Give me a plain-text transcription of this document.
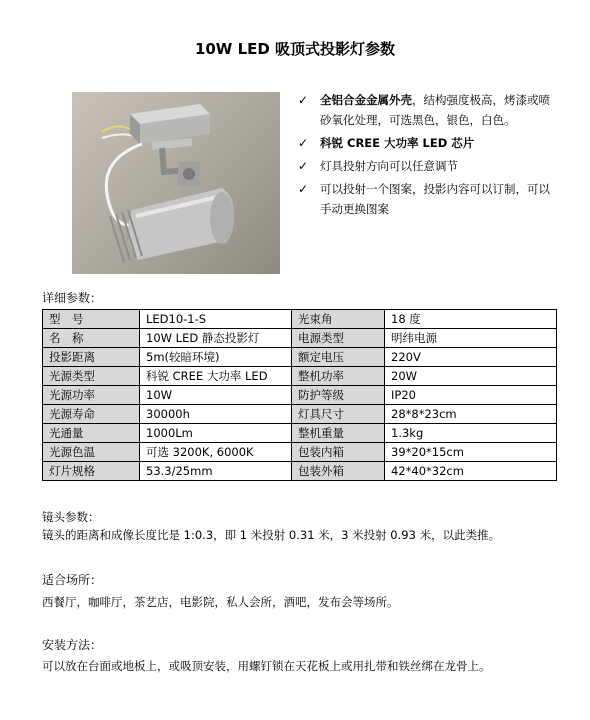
10W LED 吸顶式投影灯参数
✓ 全铝合金金属外壳，结构强度极高，烤漆或喷砂氧化处理，可选黑色，银色，白色。
✓ 科锐 CREE 大功率 LED 芯片
✓ 灯具投射方向可以任意调节
✓ 可以投射一个图案，投影内容可以订制，可以手动更换图案
详细参数：
型　号	LED10-1-S	光束角	18 度
名　称	10W LED 静态投影灯	电源类型	明纬电源
投影距离	5m(较暗环境)	额定电压	220V
光源类型	科锐 CREE 大功率 LED	整机功率	20W
光源功率	10W	防护等级	IP20
光源寿命	30000h	灯具尺寸	28*8*23cm
光通量	1000Lm	整机重量	1.3kg
光源色温	可选 3200K, 6000K	包装内箱	39*20*15cm
灯片规格	53.3/25mm	包装外箱	42*40*32cm
镜头参数：
镜头的距离和成像长度比是 1:0.3，即 1 米投射 0.31 米，3 米投射 0.93 米，以此类推。
适合场所：
西餐厅，咖啡厅，茶艺店，电影院，私人会所，酒吧，发布会等场所。
安装方法：
可以放在台面或地板上，或吸顶安装，用螺钉锁在天花板上或用扎带和铁丝绑在龙骨上。
